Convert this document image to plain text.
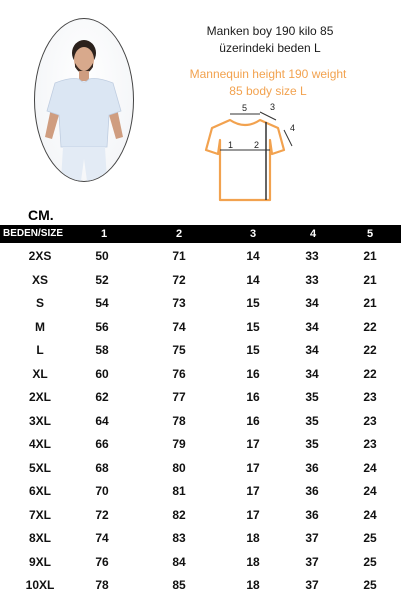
Manken boy 190 kilo 85
üzerindeki beden L
Mannequin height 190 weight
85 body size L
5	3
4
1 2
CM.
BEDEN/SIZE	1	2	3	4	5
2XS	50	71	14	33	21
XS	52	72	14	33	21
S	54	73	15	34	21
M	56	74	15	34	22
L	58	75	15	34	22
XL	60	76	16	34	22
2XL	62	77	16	35	23
3XL	64	78	16	35	23
4XL	66	79	17	35	23
5XL	68	80	17	36	24
6XL	70	81	17	36	24
7XL	72	82	17	36	24
8XL	74	83	18	37	25
9XL	76	84	18	37	25
10XL	78	85	18	37	25
